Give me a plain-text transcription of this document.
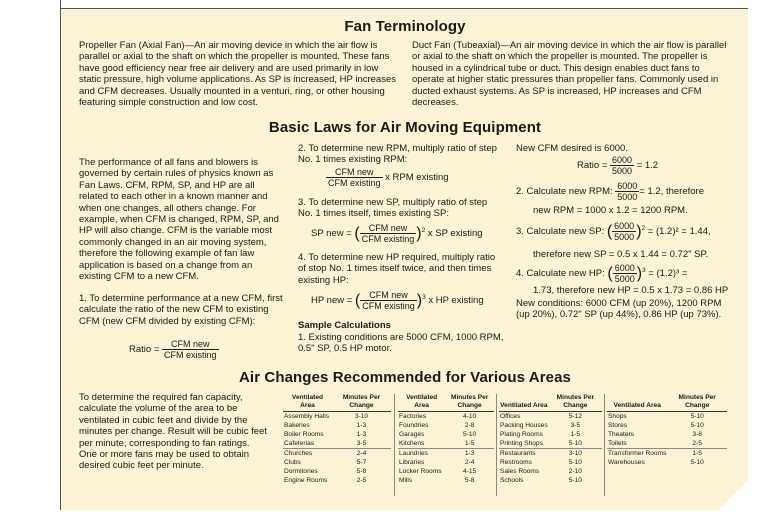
Fan Terminology
Propeller Fan (Axial Fan)—An air moving device in which the air flow is parallel or axial to the shaft on which the propeller is mounted. These fans have good efficiency near free air delivery and are used primarily in low static pressure, high volume applications. As SP is increased, HP increases and CFM decreases. Usually mounted in a venturi, ring, or other housing featuring simple construction and low cost.
Duct Fan (Tubeaxial)—An air moving device in which the air flow is parallel or axial to the shaft on which the propeller is mounted. The propeller is housed in a cylindrical tube or duct. This design enables duct fans to operate at higher static pressures than propeller fans. Commonly used in ducted exhaust systems. As SP is increased, HP increases and CFM decreases.
Basic Laws for Air Moving Equipment
The performance of all fans and blowers is governed by certain rules of physics known as Fan Laws. CFM, RPM, SP, and HP are all related to each other in a known manner and when one changes, all others change. For example, when CFM is changed, RPM, SP, and HP will also change. CFM is the variable most commonly changed in an air moving system, therefore the following example of fan law application is based on a change from an existing CFM to a new CFM.
1. To determine performance at a new CFM, first calculate the ratio of the new CFM to existing CFM (new CFM divided by existing CFM):
Ratio = $\frac{\text{CFM new}}{\text{CFM existing}}$
2. To determine new RPM, multiply ratio of step No. 1 times existing RPM:
$\frac{\text{CFM new}}{\text{CFM existing}}$ x RPM existing
3. To determine new SP, multiply ratio of step No. 1 times itself, times existing SP:
SP new = ( $\frac{\text{CFM new}}{\text{CFM existing}} )^2$ x SP existing
4. To determine new HP required, multiply ratio of stop No. 1 times itself twice, and then times existing HP:
HP new = ( $\frac{\text{CFM new}}{\text{CFM existing}} )^3$ x HP existing
Sample Calculations
1. Existing conditions are 5000 CFM, 1000 RPM, 0.5" SP, 0.5 HP motor.
New CFM desired is 6000.
Ratio = $\frac{6000}{5000} = 1.2$
2. Calculate new RPM: $\frac{6000}{5000} = 1.2$, therefore
new RPM = 1000 x 1.2 = 1200 RPM.
3. Calculate new SP: ( $\frac{6000}{5000} )^2 = (1.2)^2 = 1.44$,
therefore new SP = 0.5 x 1.44 = 0.72" SP.
4. Calculate new HP: ( $\frac{6000}{5000} )^3 = (1.2)^3$ =
1.73, therefore new HP = 0.5 x 1.73 = 0.86 HP
New conditions: 6000 CFM (up 20%), 1200 RPM (up 20%), 0.72" SP (up 44%), 0.86 HP (up 73%).
Air Changes Recommended for Various Areas
To determine the required fan capacity, calculate the volume of the area to be ventilated in cubic feet and divide by the minutes per change. Result will be cubic feet per minute, corresponding to fan ratings. One or more fans may be used to obtain desired cubic feet per minute.
Ventilated Area	Minutes Per Change
Assembly Halls	3-10
Bakeries	1-3
Boiler Rooms	1-3
Cafeterias	3-5
Churches	2-4
Clubs	5-7
Dormitories	5-8
Engine Rooms	2-5
Ventilated Area	Minutes Per Change
Factories	4-10
Foundries	2-8
Garages	5-10
Kitchens	1-5
Laundries	1-3
Libraries	2-4
Locker Rooms	4-15
Mills	5-8
Ventilated Area	Minutes Per Change
Offices	5-12
Packing Houses	3-5
Plating Rooms	1-5
Printing Shops	5-10
Restaurants	3-10
Restrooms	5-10
Sales Rooms	2-10
Schools	5-10
Ventilated Area	Minutes Per Change
Shops	5-10
Stores	5-10
Theaters	3-8
Toilets	2-5
Transformer Rooms	1-5
Warehouses	5-10
